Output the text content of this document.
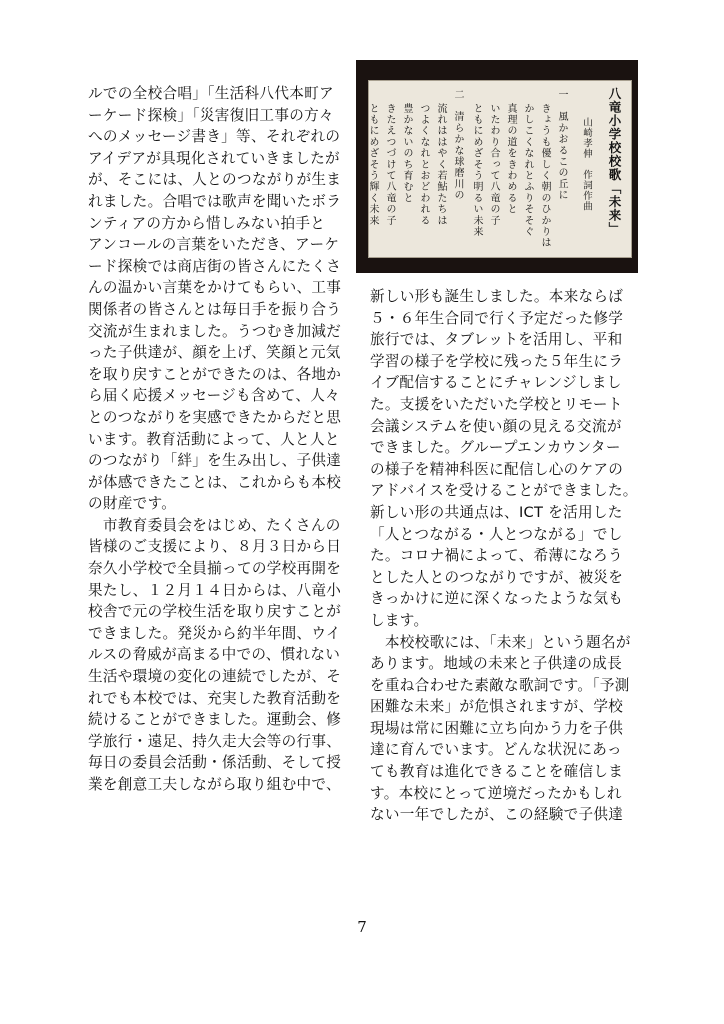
ルでの全校合唱」「生活科八代本町ア

ーケード探検」「災害復旧工事の方々

へのメッセージ書き」等、それぞれの

アイデアが具現化されていきましたが

が、そこには、人とのつながりが生ま

れました。合唱では歌声を聞いたボラ

ンティアの方から惜しみない拍手と

アンコールの言葉をいただき、アーケ

ード探検では商店街の皆さんにたくさ

んの温かい言葉をかけてもらい、工事

関係者の皆さんとは毎日手を振り合う

交流が生まれました。うつむき加減だ

った子供達が、顔を上げ、笑顔と元気

を取り戻すことができたのは、各地か

ら届く応援メッセージも含めて、人々

とのつながりを実感できたからだと思

います。教育活動によって、人と人と

のつながり「絆」を生み出し、子供達

が体感できたことは、これからも本校

の財産です。

　市教育委員会をはじめ、たくさんの

皆様のご支援により、８月３日から日

奈久小学校で全員揃っての学校再開を

果たし、１２月１４日からは、八竜小

校舎で元の学校生活を取り戻すことが

できました。発災から約半年間、ウイ

ルスの脅威が高まる中での、慣れない

生活や環境の変化の連続でしたが、そ

れでも本校では、充実した教育活動を

続けることができました。運動会、修

学旅行・遠足、持久走大会等の行事、

毎日の委員会活動・係活動、そして授

業を創意工夫しながら取り組む中で、

八竜小学校校歌「未来」
山崎孝伸　作詞作曲
一　風かおるこの丘に
きょうも優しく朝のひかりは
かしこくなれとふりそそぐ
真理の道をきわめると
いたわり合って八竜の子
ともにめざそう明るい未来
二　清らかな球磨川の
流れははやく若鮎たちは
つよくなれとおどわれる
豊かないのち育むと
きたえつづけて八竜の子
ともにめざそう輝く未来

新しい形も誕生しました。本来ならば

５・６年生合同で行く予定だった修学

旅行では、タブレットを活用し、平和

学習の様子を学校に残った５年生にラ

イブ配信することにチャレンジしまし

た。支援をいただいた学校とリモート

会議システムを使い顔の見える交流が

できました。グループエンカウンター

の様子を精神科医に配信し心のケアの

アドバイスを受けることができました。

新しい形の共通点は、ICT を活用した

「人とつながる・人とつながる」でし

た。コロナ禍によって、希薄になろう

とした人とのつながりですが、被災を

きっかけに逆に深くなったような気も

します。

　本校校歌には、「未来」という題名が

あります。地域の未来と子供達の成長

を重ね合わせた素敵な歌詞です。「予測

困難な未来」が危惧されますが、学校

現場は常に困難に立ち向かう力を子供

達に育んでいます。どんな状況にあっ

ても教育は進化できることを確信しま

す。本校にとって逆境だったかもしれ

ない一年でしたが、この経験で子供達

7
